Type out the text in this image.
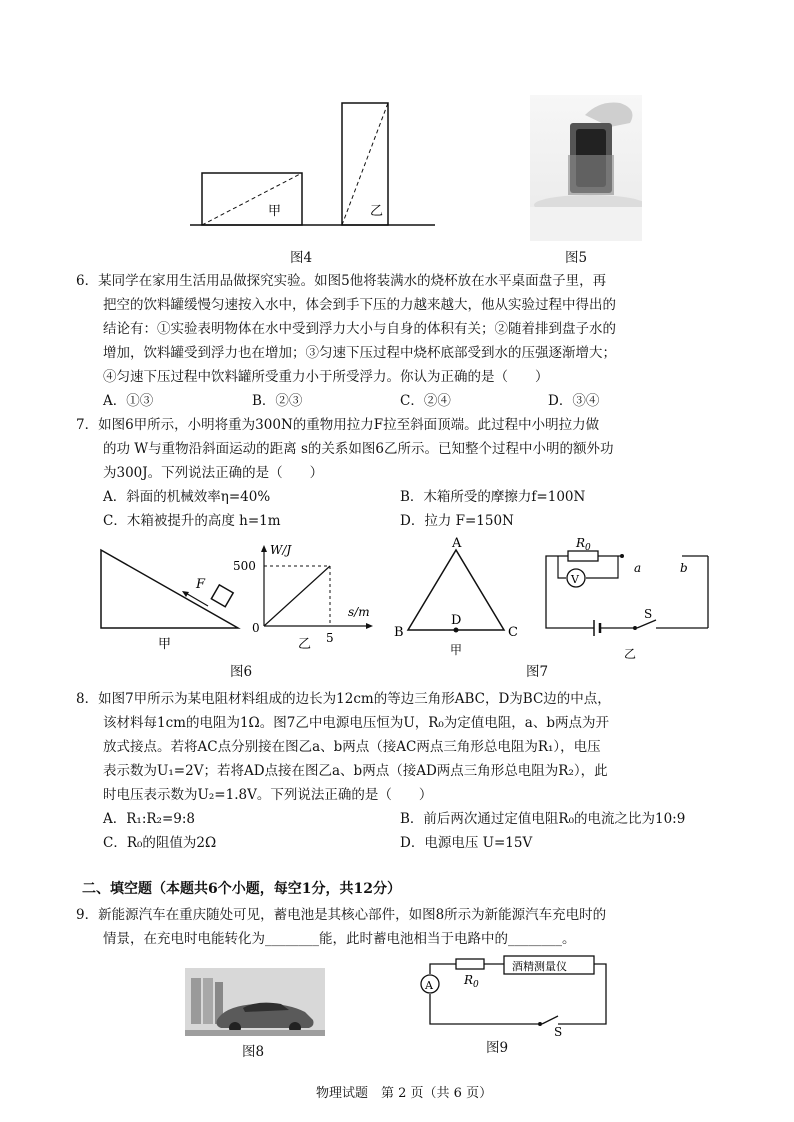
甲	乙
图4	图5
6．某同学在家用生活用品做探究实验。如图5他将装满水的烧杯放在水平桌面盘子里，再
把空的饮料罐缓慢匀速按入水中，体会到手下压的力越来越大，他从实验过程中得出的
结论有：①实验表明物体在水中受到浮力大小与自身的体积有关；②随着排到盘子水的
增加，饮料罐受到浮力也在增加；③匀速下压过程中烧杯底部受到水的压强逐渐增大；
④匀速下压过程中饮料罐所受重力小于所受浮力。你认为正确的是（　　）
A．①③	B．②③	C．②④	D．③④
7．如图6甲所示，小明将重为300N的重物用拉力F拉至斜面顶端。此过程中小明拉力做
的功 W与重物沿斜面运动的距离 s的关系如图6乙所示。已知整个过程中小明的额外功
为300J。下列说法正确的是（　　）
A．斜面的机械效率η=40%	B．木箱所受的摩擦力f=100N
C．木箱被提升的高度 h=1m	D．拉力 F=150N
F
甲
W/J
s/m
500
0
5
乙
图6
A
B	C
D
甲
V
$R_0$
a	b
S
乙
图7
8．如图7甲所示为某电阻材料组成的边长为12cm的等边三角形ABC，D为BC边的中点，
该材料每1cm的电阻为1Ω。图7乙中电源电压恒为U，R₀为定值电阻，a、b两点为开
放式接点。若将AC点分别接在图乙a、b两点（接AC两点三角形总电阻为R₁），电压
表示数为U₁=2V；若将AD点接在图乙a、b两点（接AD两点三角形总电阻为R₂），此
时电压表示数为U₂=1.8V。下列说法正确的是（　　）
A．R₁:R₂=9:8	B．前后两次通过定值电阻R₀的电流之比为10:9
C．R₀的阻值为2Ω	D．电源电压 U=15V
二、填空题（本题共6个小题，每空1分，共12分）
9．新能源汽车在重庆随处可见，蓄电池是其核心部件，如图8所示为新能源汽车充电时的
情景，在充电时电能转化为________能，此时蓄电池相当于电路中的________。
图8
酒精测量仪
A	$R_0$
S
图9
物理试题　第 2 页（共 6 页）
